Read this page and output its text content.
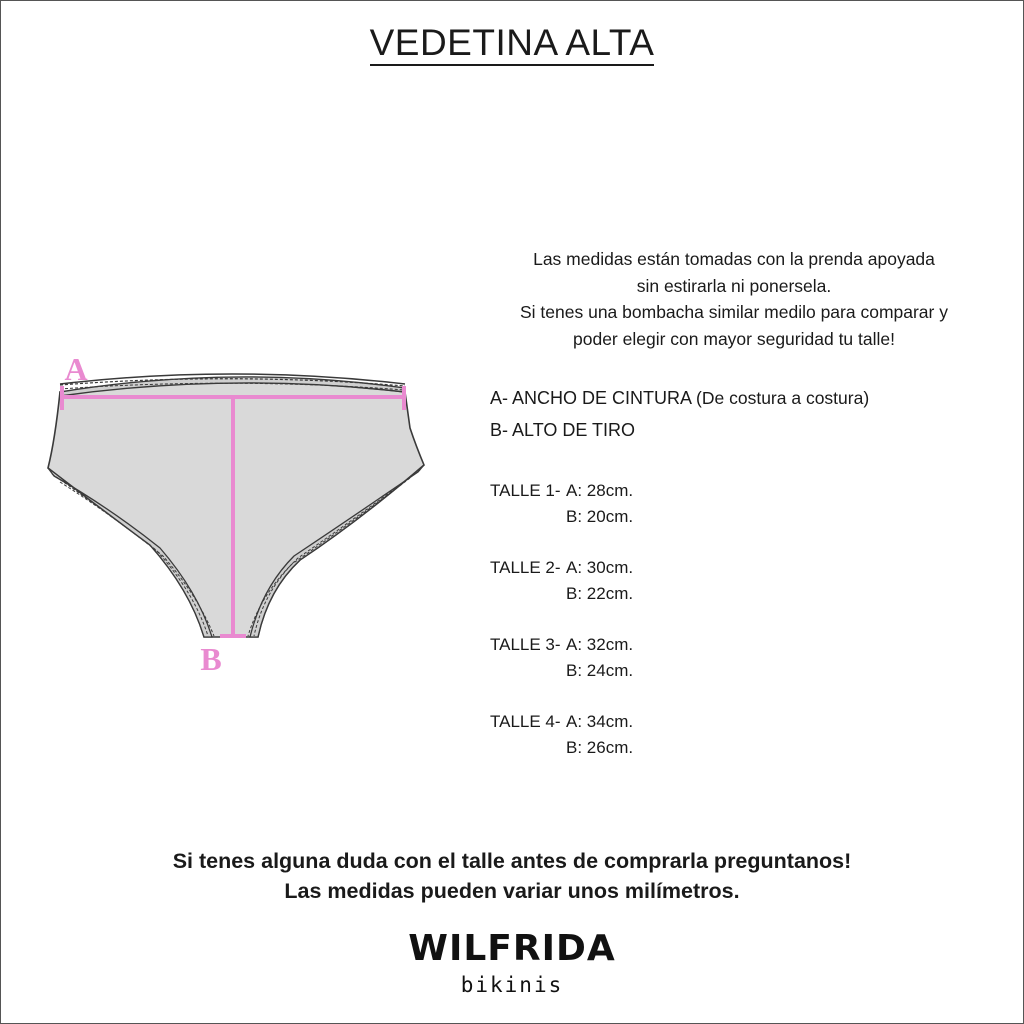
VEDETINA ALTA
A
B
Las medidas están tomadas con la prenda apoyada
sin estirarla ni ponersela.
Si tenes una bombacha similar medilo para comparar y
poder elegir con mayor seguridad tu talle!
A- ANCHO DE CINTURA (De costura a costura)
B- ALTO DE TIRO
TALLE 1- A: 28cm.
B: 20cm.
TALLE 2- A: 30cm.
B: 22cm.
TALLE 3- A: 32cm.
B: 24cm.
TALLE 4- A: 34cm.
B: 26cm.
Si tenes alguna duda con el talle antes de comprarla preguntanos!
Las medidas pueden variar unos milímetros.
WILFRIDA
bikinis
